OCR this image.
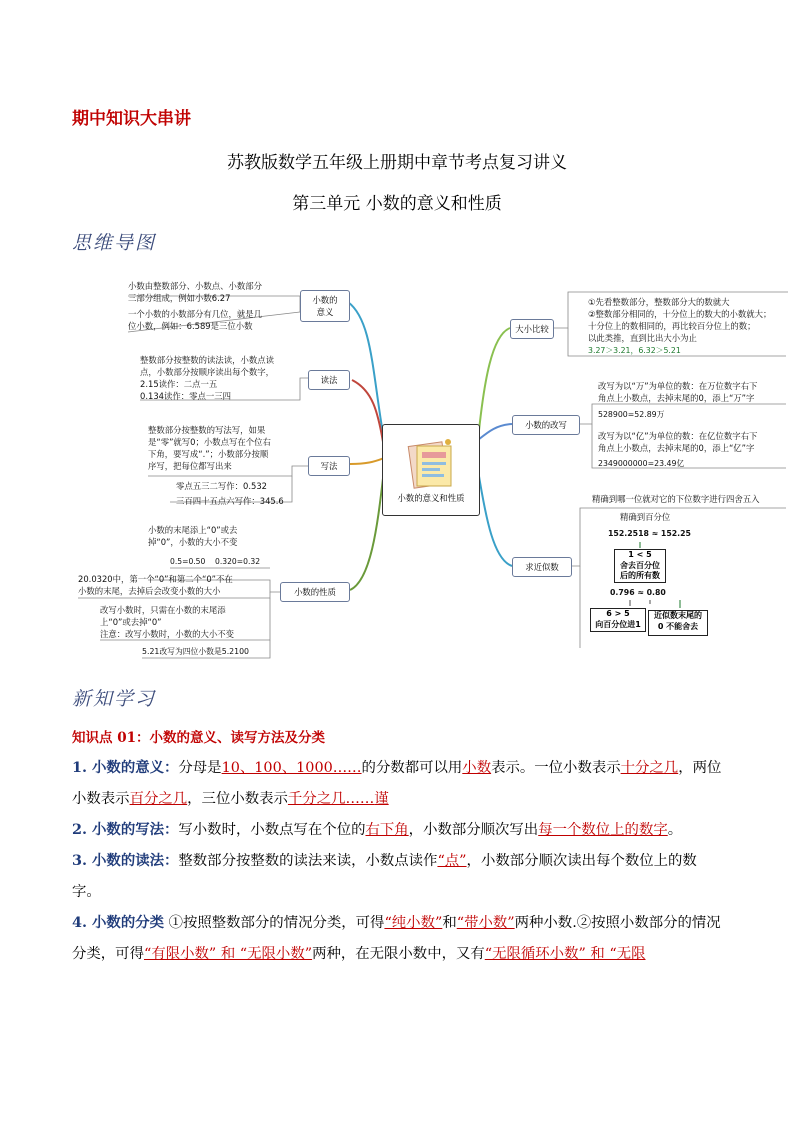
期中知识大串讲
苏教版数学五年级上册期中章节考点复习讲义
第三单元 小数的意义和性质
思维导图
小数的意义和性质
小数的意义
小数由整数部分、小数点、小数部分
三部分组成，例如小数6.27
一个小数的小数部分有几位，就是几
位小数，例如：6.589是三位小数
读法
整数部分按整数的读法读，小数点读
点，小数部分按顺序读出每个数字，
2.15读作：二点一五
0.134读作：零点一三四
写法
整数部分按整数的写法写，如果
是“零”就写0；小数点写在个位右
下角，要写成“.”；小数部分按顺
序写，把每位都写出来
零点五三二写作：0.532
三百四十五点六写作：345.6
小数的性质
小数的末尾添上“0”或去
掉“0”，小数的大小不变
0.5=0.50 0.320=0.32
20.0320中，第一个“0”和第二个“0”不在
小数的末尾，去掉后会改变小数的大小
改写小数时，只需在小数的末尾添
上“0”或去掉“0”
注意：改写小数时，小数的大小不变
5.21改写为四位小数是5.2100
大小比较
①先看整数部分，整数部分大的数就大
②整数部分相同的，十分位上的数大的小数就大；
十分位上的数相同的，再比较百分位上的数；
以此类推，直到比出大小为止
3.27＞3.21，6.32＞5.21
小数的改写
改写为以“万”为单位的数：在万位数字右下
角点上小数点，去掉末尾的0，添上“万”字
528900=52.89万
改写为以“亿”为单位的数：在亿位数字右下
角点上小数点，去掉末尾的0，添上“亿”字
2349000000=23.49亿
求近似数
精确到哪一位就对它的下位数字进行四舍五入
精确到百分位
152.2518 ≈ 152.25
1 < 5
舍去百分位
后的所有数
0.796 ≈ 0.80
6 > 5
向百分位进1
近似数末尾的
0 不能舍去
新知学习
知识点 01：小数的意义、读写方法及分类
1. 小数的意义：分母是10、100、1000……的分数都可以用小数表示。一位小数表示十分之几，两位小数表示百分之几，三位小数表示千分之几……谨
2. 小数的写法：写小数时，小数点写在个位的右下角，小数部分顺次写出每一个数位上的数字。
3. 小数的读法：整数部分按整数的读法来读，小数点读作“点”，小数部分顺次读出每个数位上的数字。
4. 小数的分类 ①按照整数部分的情况分类，可得“纯小数”和“带小数”两种小数.②按照小数部分的情况分类，可得“有限小数” 和 “无限小数”两种，在无限小数中，又有“无限循环小数” 和 “无限
